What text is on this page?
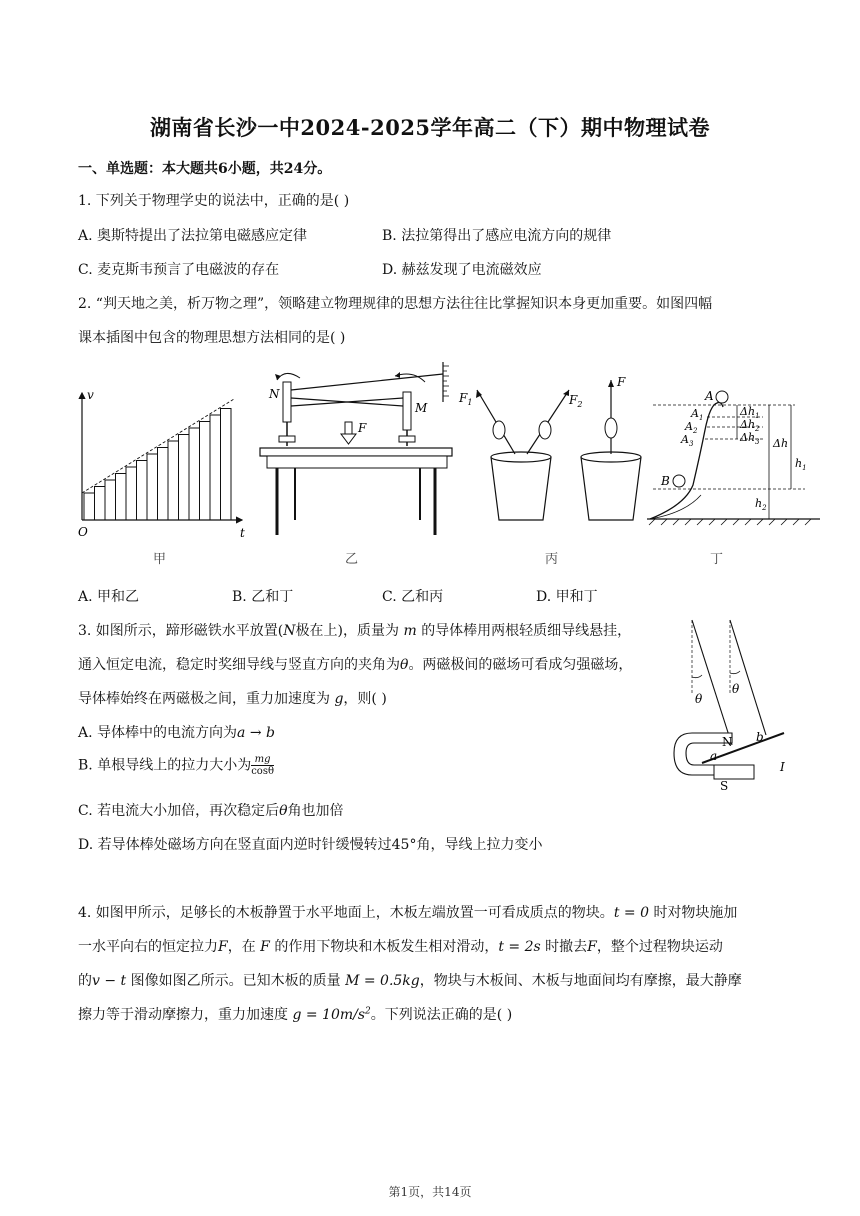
湖南省长沙一中2024-2025学年高二（下）期中物理试卷
一、单选题：本大题共6小题，共24分。
1. 下列关于物理学史的说法中，正确的是( )
A. 奥斯特提出了法拉第电磁感应定律	B. 法拉第得出了感应电流方向的规律
C. 麦克斯韦预言了电磁波的存在	D. 赫兹发现了电流磁效应
2. “判天地之美，析万物之理”，领略建立物理规律的思想方法往往比掌握知识本身更加重要。如图四幅
课本插图中包含的物理思想方法相同的是( )
v
t
O
甲
N
M
F
乙
$F_1$	$F_2$
F
丙
A
$A_1$
$A_2$
$A_3$
B
$\Delta h_1$
$\Delta h_2$
$\Delta h_3$ Δh
$h_1$
$h_2$
丁
A. 甲和乙	B. 乙和丁	C. 乙和丙	D. 甲和丁
3. 如图所示，蹄形磁铁水平放置(N极在上)，质量为 m 的导体棒用两根轻质细导线悬挂，
通入恒定电流，稳定时奖细导线与竖直方向的夹角为θ。两磁极间的磁场可看成匀强磁场，
导体棒始终在两磁极之间，重力加速度为 g，则( )
A. 导体棒中的电流方向为a → b
B. 单根导线上的拉力大小为 $\frac{mg}{\cos\theta}$
C. 若电流大小加倍，再次稳定后θ角也加倍
D. 若导体棒处磁场方向在竖直面内逆时针缓慢转过45°角，导线上拉力变小
θ
θ
N
S
a
b
I
4. 如图甲所示，足够长的木板静置于水平地面上，木板左端放置一可看成质点的物块。t = 0 时对物块施加
一水平向右的恒定拉力F，在 F 的作用下物块和木板发生相对滑动，t = 2s 时撤去F，整个过程物块运动
的v − t 图像如图乙所示。已知木板的质量 M = 0.5kg，物块与木板间、木板与地面间均有摩擦，最大静摩
擦力等于滑动摩擦力，重力加速度 $g = 10m/s^2$。下列说法正确的是( )
第1页，共14页
